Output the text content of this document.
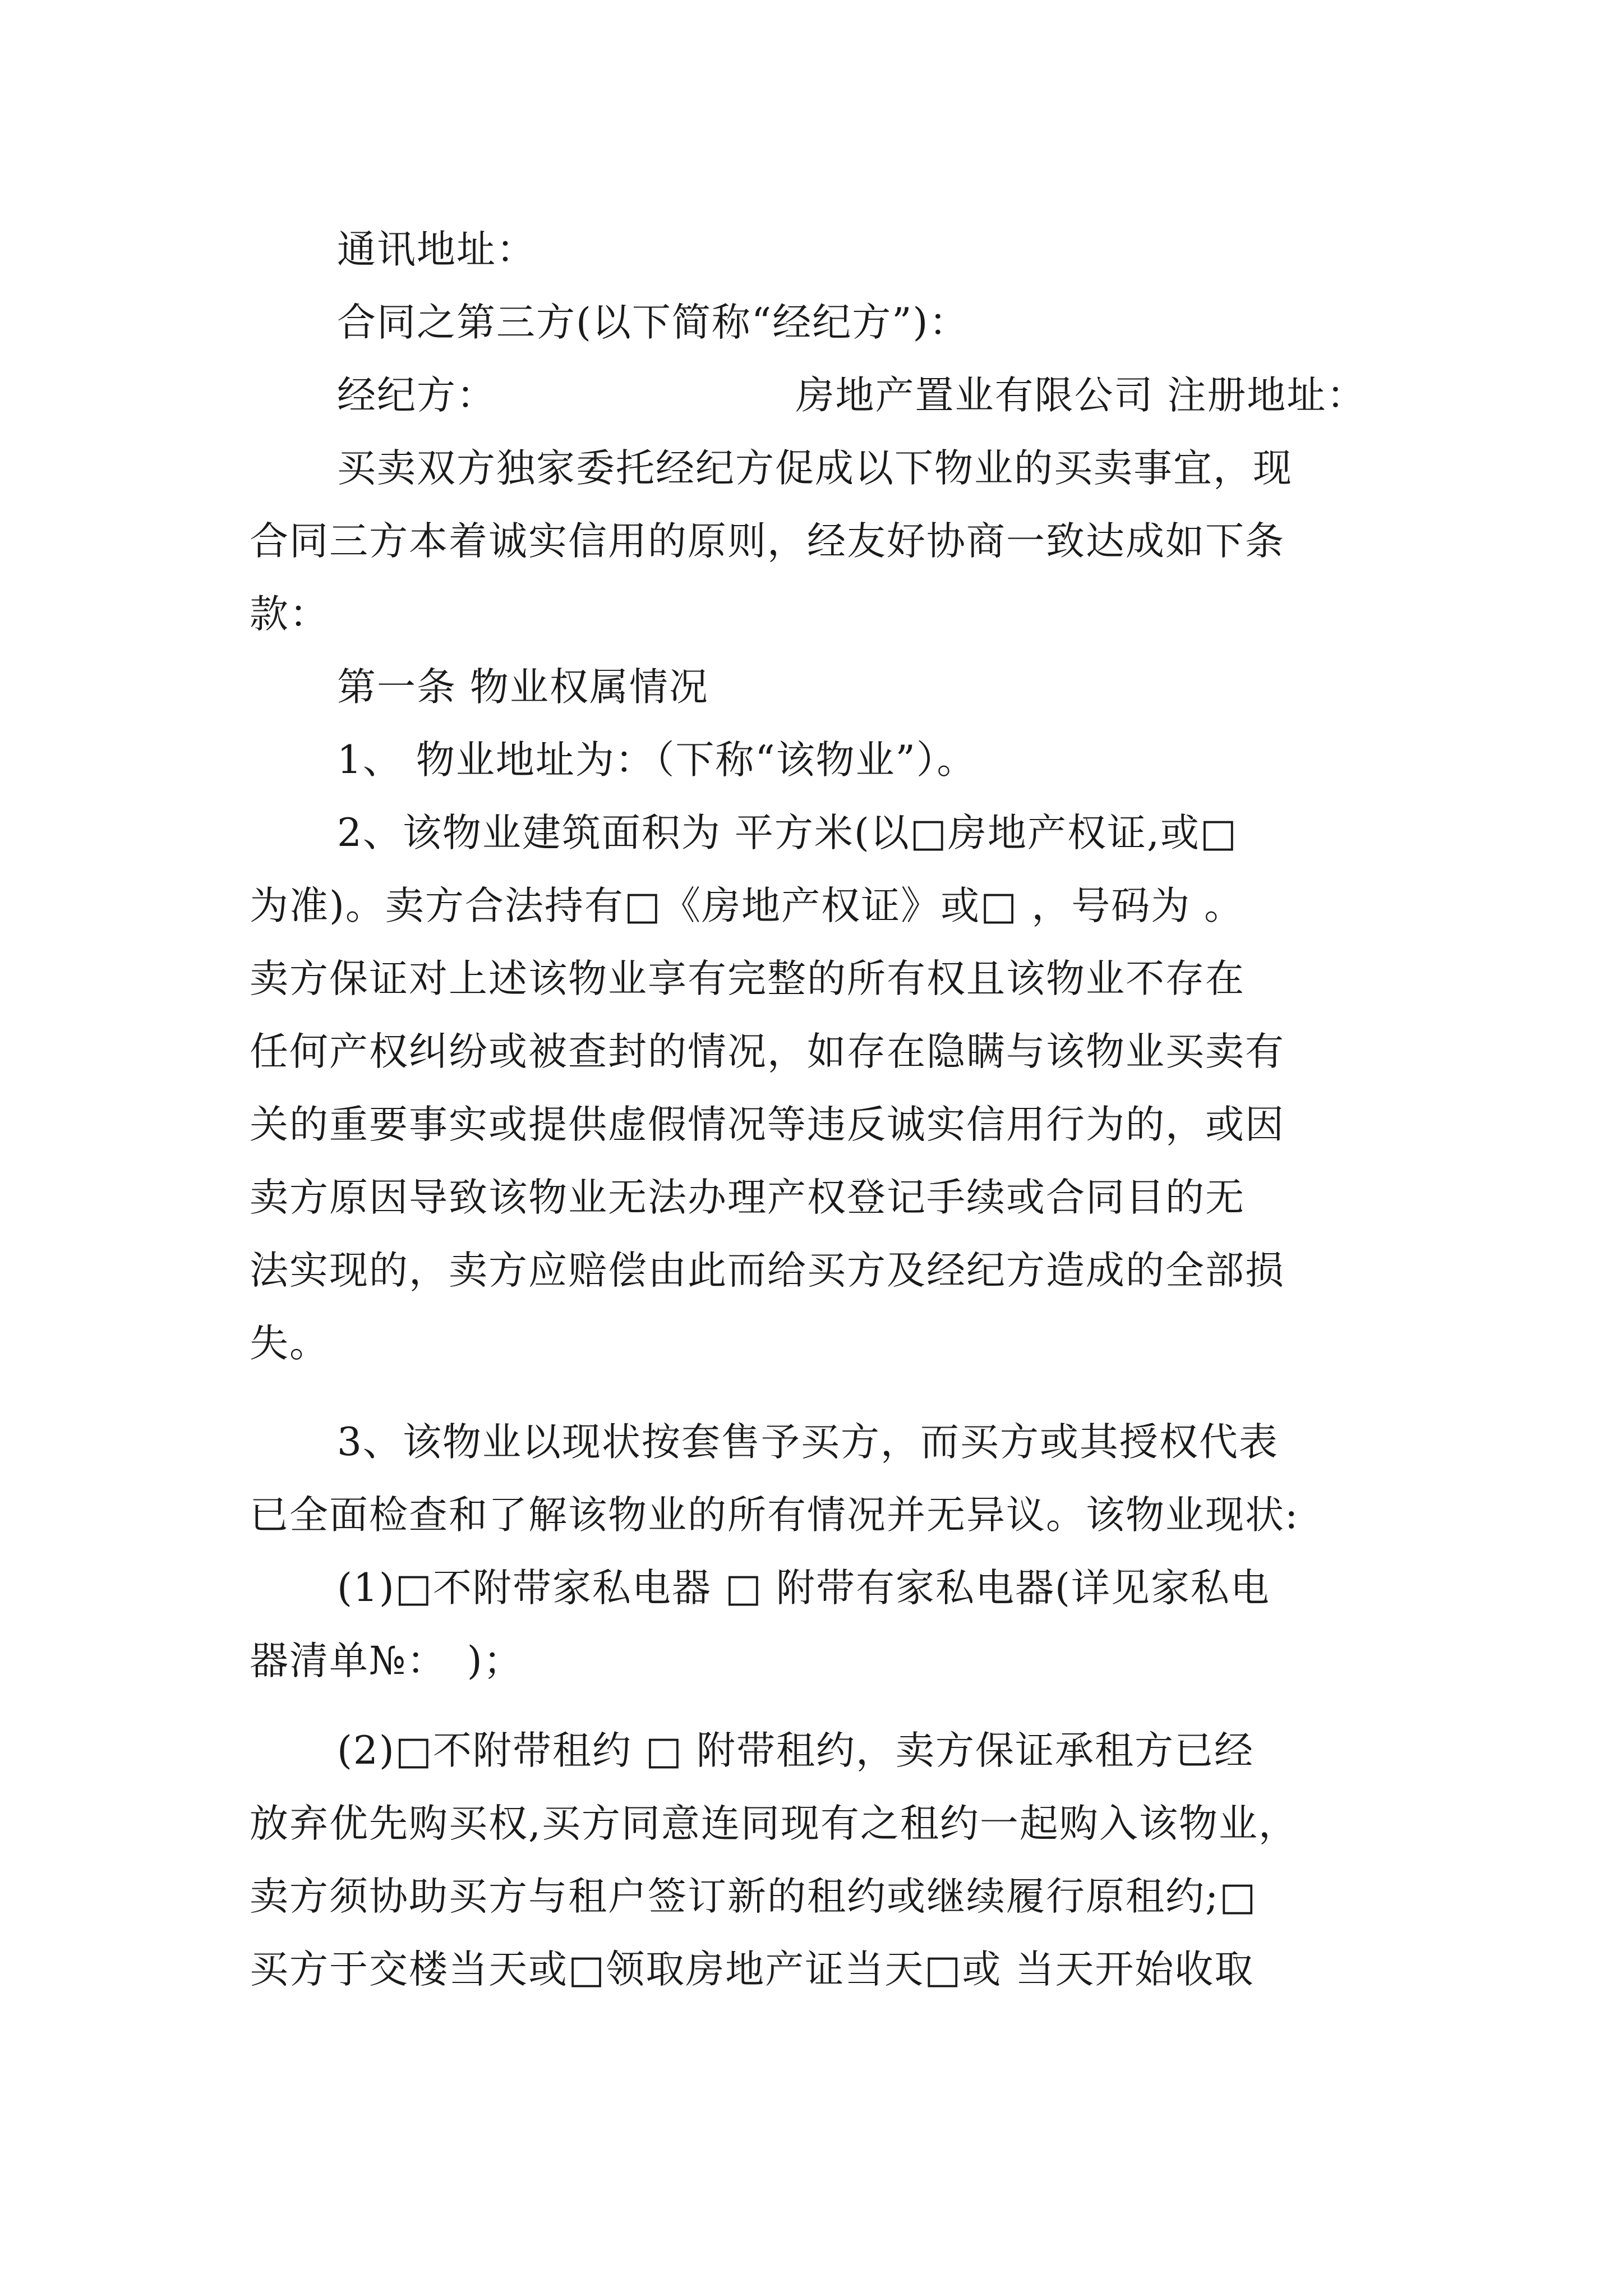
通讯地址：
合同之第三方(以下简称“经纪方”)：
经纪方：　　　　　　　　房地产置业有限公司 注册地址：
买卖双方独家委托经纪方促成以下物业的买卖事宜，现
合同三方本着诚实信用的原则，经友好协商一致达成如下条
款：
第一条 物业权属情况
1、 物业地址为：（下称“该物业”）。
2、该物业建筑面积为 平方米(以□房地产权证,或□
为准)。卖方合法持有□《房地产权证》或□ ，号码为 。
卖方保证对上述该物业享有完整的所有权且该物业不存在
任何产权纠纷或被查封的情况，如存在隐瞒与该物业买卖有
关的重要事实或提供虚假情况等违反诚实信用行为的，或因
卖方原因导致该物业无法办理产权登记手续或合同目的无
法实现的，卖方应赔偿由此而给买方及经纪方造成的全部损
失。
3、该物业以现状按套售予买方，而买方或其授权代表
已全面检查和了解该物业的所有情况并无异议。该物业现状:
(1)□不附带家私电器 □ 附带有家私电器(详见家私电
器清单№：　)；
(2)□不附带租约 □ 附带租约，卖方保证承租方已经
放弃优先购买权,买方同意连同现有之租约一起购入该物业，
卖方须协助买方与租户签订新的租约或继续履行原租约;□
买方于交楼当天或□领取房地产证当天□或 当天开始收取
